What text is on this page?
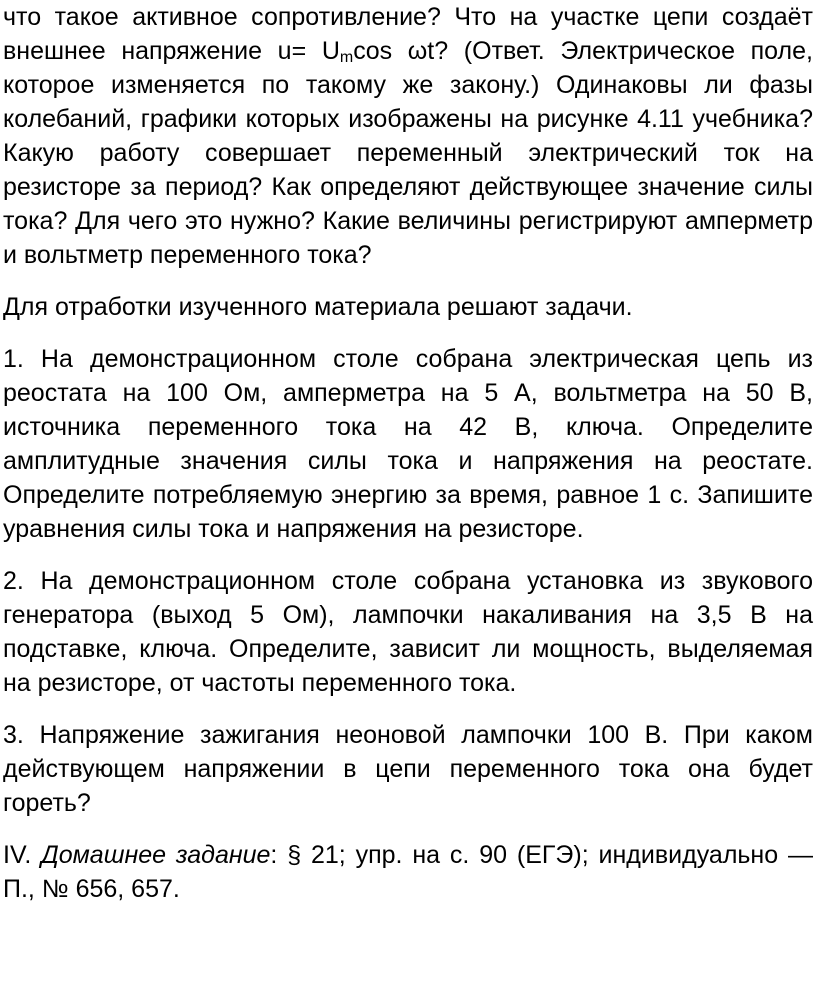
что такое активное сопротивление? Что на участке цепи создаёт внешнее напряжение u= Umcos ωt? (Ответ. Электрическое поле, которое изменяется по такому же закону.) Одинаковы ли фазы колебаний, графики которых изображены на рисунке 4.11 учебника? Какую работу совершает переменный электрический ток на резисторе за период? Как определяют действующее значение силы тока? Для чего это нужно? Какие величины регистрируют амперметр и вольтметр переменного тока?

Для отработки изученного материала решают задачи.

1. На демонстрационном столе собрана электрическая цепь из реостата на 100 Ом, амперметра на 5 А, вольтметра на 50 В, источника переменного тока на 42 В, ключа. Определите амплитудные значения силы тока и напряжения на реостате. Определите потребляемую энергию за время, равное 1 с. Запишите уравнения силы тока и напряжения на резисторе.

2. На демонстрационном столе собрана установка из звукового генератора (выход 5 Ом), лампочки накаливания на 3,5 В на подставке, ключа. Определите, зависит ли мощность, выделяемая на резисторе, от частоты переменного тока.

3. Напряжение зажигания неоновой лампочки 100 В. При каком действующем напряжении в цепи переменного тока она будет гореть?

IV. Домашнее задание: § 21; упр. на с. 90 (ЕГЭ); индивидуально — П., № 656, 657.
